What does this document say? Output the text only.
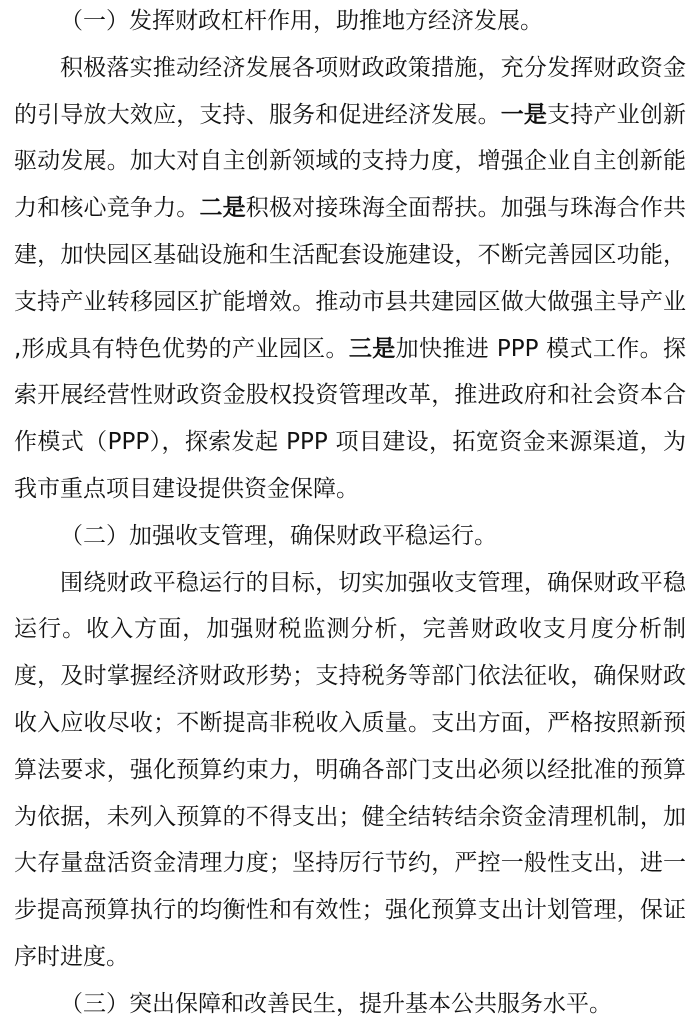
（一）发挥财政杠杆作用，助推地方经济发展。

积极落实推动经济发展各项财政政策措施，充分发挥财政资金的引导放大效应，支持、服务和促进经济发展。一是支持产业创新驱动发展。加大对自主创新领域的支持力度，增强企业自主创新能力和核心竞争力。二是积极对接珠海全面帮扶。加强与珠海合作共建，加快园区基础设施和生活配套设施建设，不断完善园区功能，支持产业转移园区扩能增效。推动市县共建园区做大做强主导产业 ,形成具有特色优势的产业园区。三是加快推进 PPP 模式工作。探索开展经营性财政资金股权投资管理改革，推进政府和社会资本合作模式（PPP），探索发起 PPP 项目建设，拓宽资金来源渠道，为我市重点项目建设提供资金保障。

（二）加强收支管理，确保财政平稳运行。

围绕财政平稳运行的目标，切实加强收支管理，确保财政平稳运行。收入方面，加强财税监测分析，完善财政收支月度分析制度，及时掌握经济财政形势；支持税务等部门依法征收，确保财政收入应收尽收；不断提高非税收入质量。支出方面，严格按照新预算法要求，强化预算约束力，明确各部门支出必须以经批准的预算为依据，未列入预算的不得支出；健全结转结余资金清理机制，加大存量盘活资金清理力度；坚持厉行节约，严控一般性支出，进一步提高预算执行的均衡性和有效性；强化预算支出计划管理，保证序时进度。

（三）突出保障和改善民生，提升基本公共服务水平。
